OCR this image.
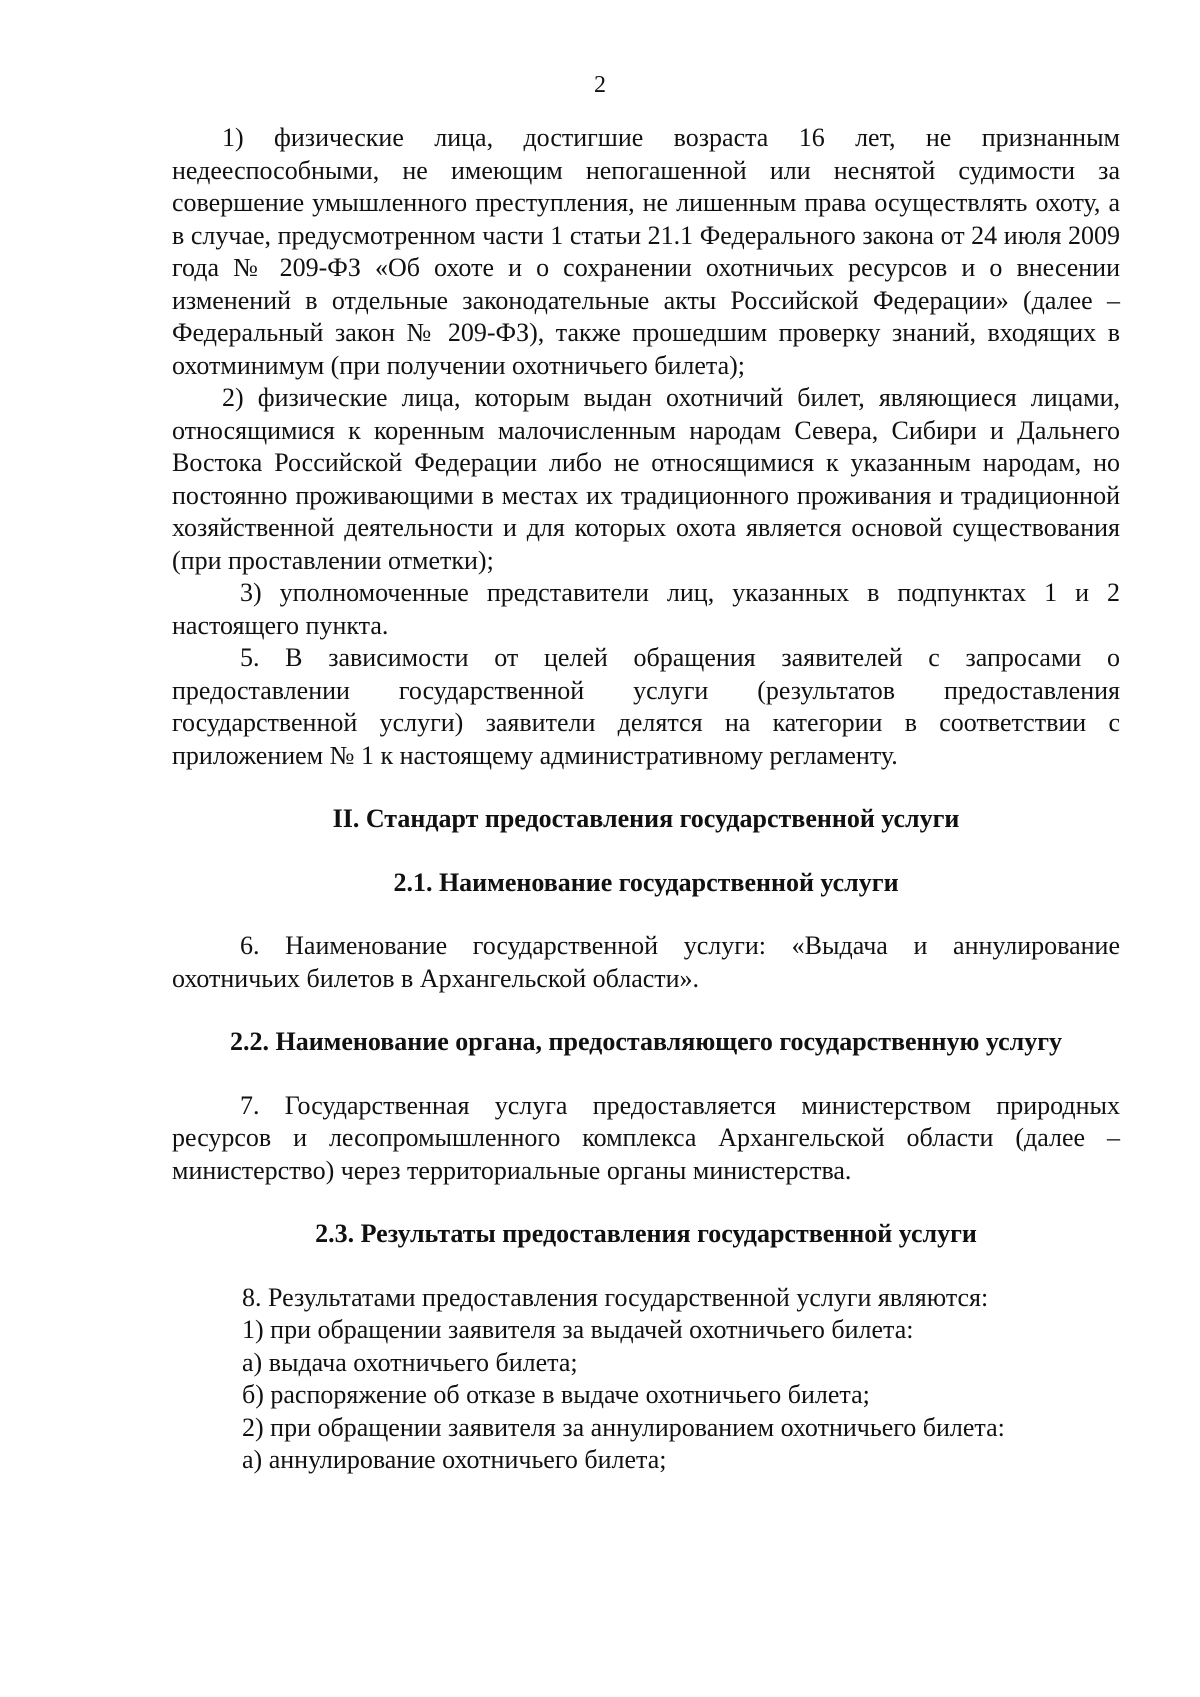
2

1) физические лица, достигшие возраста 16 лет, не признанным недееспособными, не имеющим непогашенной или неснятой судимости за совершение умышленного преступления, не лишенным права осуществлять охоту, а в случае, предусмотренном части 1 статьи 21.1 Федерального закона от 24 июля 2009 года № 209-ФЗ «Об охоте и о сохранении охотничьих ресурсов и о внесении изменений в отдельные законодательные акты Российской Федерации» (далее – Федеральный закон № 209-ФЗ), также прошедшим проверку знаний, входящих в охотминимум (при получении охотничьего билета);

2) физические лица, которым выдан охотничий билет, являющиеся лицами, относящимися к коренным малочисленным народам Севера, Сибири и Дальнего Востока Российской Федерации либо не относящимися к указанным народам, но постоянно проживающими в местах их традиционного проживания и традиционной хозяйственной деятельности и для которых охота является основой существования (при проставлении отметки);

3) уполномоченные представители лиц, указанных в подпунктах 1 и 2 настоящего пункта.

5. В зависимости от целей обращения заявителей с запросами о предоставлении государственной услуги (результатов предоставления государственной услуги) заявители делятся на категории в соответствии с приложением № 1 к настоящему административному регламенту.

II. Стандарт предоставления государственной услуги

2.1. Наименование государственной услуги

6. Наименование государственной услуги: «Выдача и аннулирование охотничьих билетов в Архангельской области».

2.2. Наименование органа, предоставляющего государственную услугу

7. Государственная услуга предоставляется министерством природных ресурсов и лесопромышленного комплекса Архангельской области (далее – министерство) через территориальные органы министерства.

2.3. Результаты предоставления государственной услуги

8. Результатами предоставления государственной услуги являются:

1) при обращении заявителя за выдачей охотничьего билета:

а) выдача охотничьего билета;

б) распоряжение об отказе в выдаче охотничьего билета;

2) при обращении заявителя за аннулированием охотничьего билета:

а) аннулирование охотничьего билета;
